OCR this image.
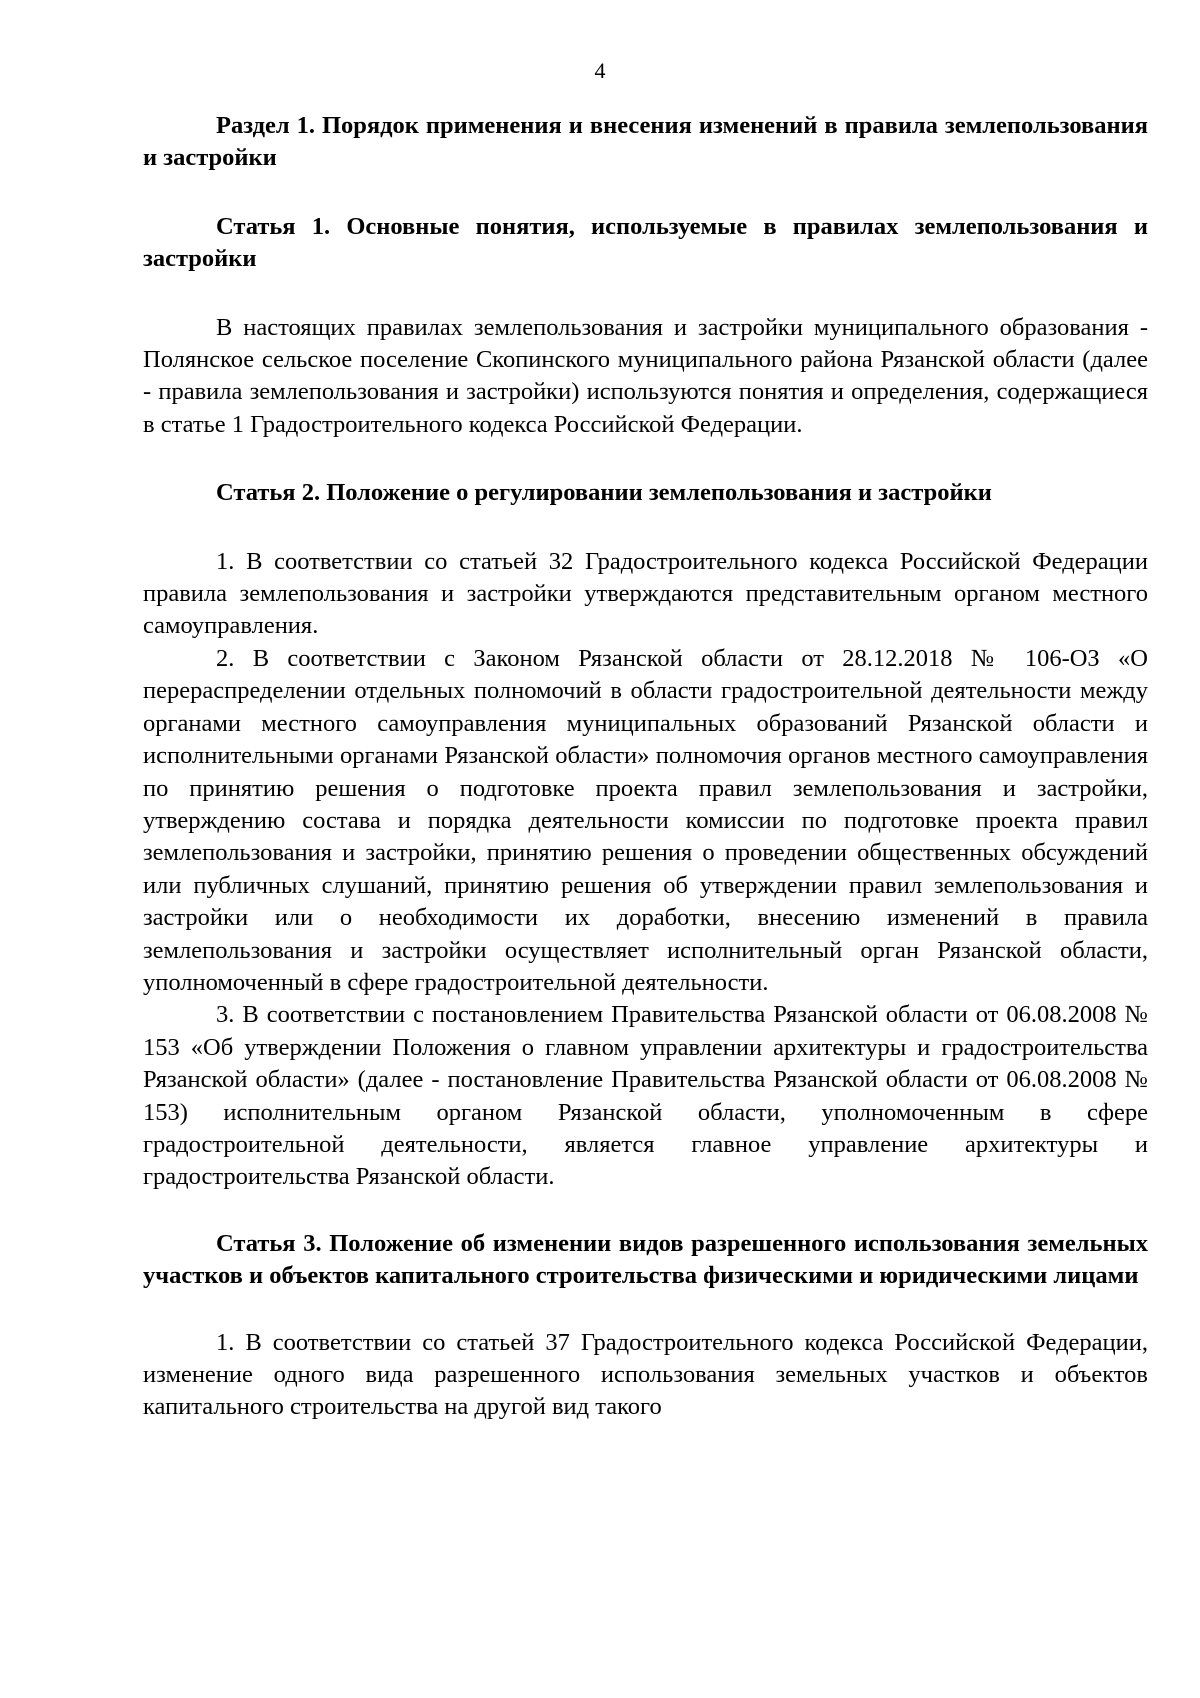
4

Раздел 1. Порядок применения и внесения изменений в правила землепользования и застройки

Статья 1. Основные понятия, используемые в правилах землепользования и застройки

В настоящих правилах землепользования и застройки муниципального образования - Полянское сельское поселение Скопинского муниципального района Рязанской области (далее - правила землепользования и застройки) используются понятия и определения, содержащиеся в статье 1 Градостроительного кодекса Российской Федерации.

Статья 2. Положение о регулировании землепользования и застройки

1. В соответствии со статьей 32 Градостроительного кодекса Российской Федерации правила землепользования и застройки утверждаются представительным органом местного самоуправления.

2. В соответствии с Законом Рязанской области от 28.12.2018 № 106-ОЗ «О перераспределении отдельных полномочий в области градостроительной деятельности между органами местного самоуправления муниципальных образований Рязанской области и исполнительными органами Рязанской области» полномочия органов местного самоуправления по принятию решения о подготовке проекта правил землепользования и застройки, утверждению состава и порядка деятельности комиссии по подготовке проекта правил землепользования и застройки, принятию решения о проведении общественных обсуждений или публичных слушаний, принятию решения об утверждении правил землепользования и застройки или о необходимости их доработки, внесению изменений в правила землепользования и застройки осуществляет исполнительный орган Рязанской области, уполномоченный в сфере градостроительной деятельности.

3. В соответствии с постановлением Правительства Рязанской области от 06.08.2008 № 153 «Об утверждении Положения о главном управлении архитектуры и градостроительства Рязанской области» (далее - постановление Правительства Рязанской области от 06.08.2008 № 153) исполнительным органом Рязанской области, уполномоченным в сфере градостроительной деятельности, является главное управление архитектуры и градостроительства Рязанской области.

Статья 3. Положение об изменении видов разрешенного использования земельных участков и объектов капитального строительства физическими и юридическими лицами

1. В соответствии со статьей 37 Градостроительного кодекса Российской Федерации, изменение одного вида разрешенного использования земельных участков и объектов капитального строительства на другой вид такого
